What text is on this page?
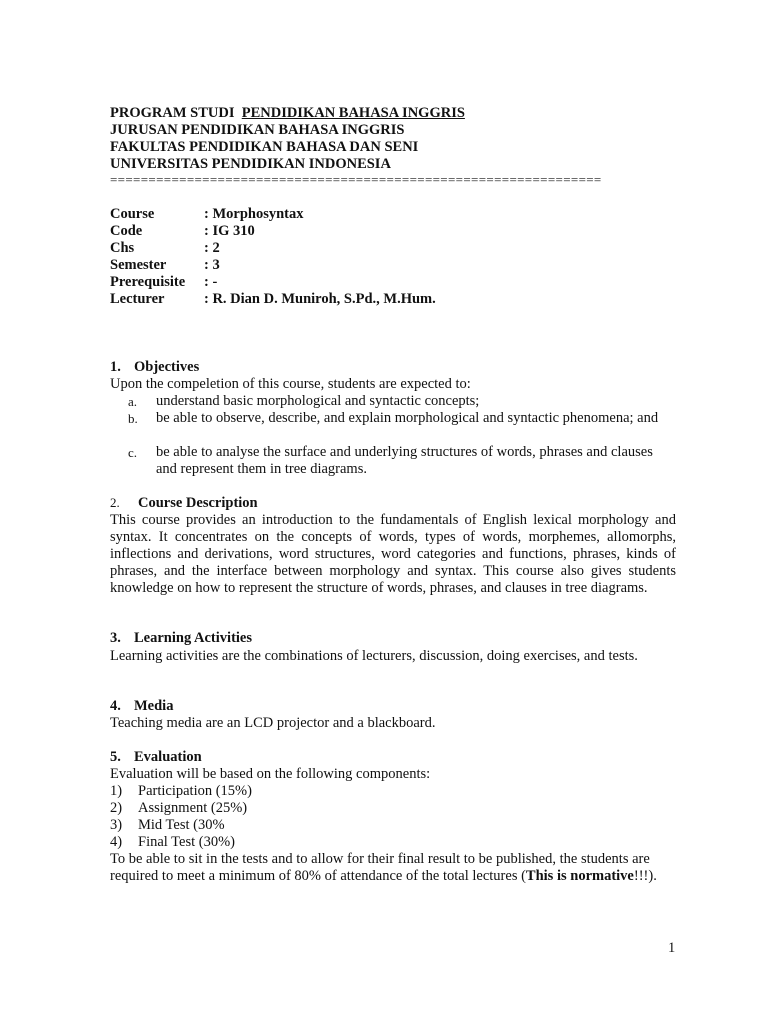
PROGRAM STUDI PENDIDIKAN BAHASA INGGRIS
JURUSAN PENDIDIKAN BAHASA INGGRIS
FAKULTAS PENDIDIKAN BAHASA DAN SENI
UNIVERSITAS PENDIDIKAN INDONESIA
================================================================
Course	: Morphosyntax
Code	: IG 310
Chs	: 2
Semester	: 3
Prerequisite : -
Lecturer	: R. Dian D. Muniroh, S.Pd., M.Hum.
1. Objectives
Upon the compeletion of this course, students are expected to:
a. understand basic morphological and syntactic concepts;
b. be able to observe, describe, and explain morphological and syntactic phenomena; and
c. be able to analyse the surface and underlying structures of words, phrases and clauses and represent them in tree diagrams.
2. Course Description
This course provides an introduction to the fundamentals of English lexical morphology and syntax. It concentrates on the concepts of words, types of words, morphemes, allomorphs, inflections and derivations, word structures, word categories and functions, phrases, kinds of phrases, and the interface between morphology and syntax. This course also gives students knowledge on how to represent the structure of words, phrases, and clauses in tree diagrams.
3. Learning Activities
Learning activities are the combinations of lecturers, discussion, doing exercises, and tests.
4. Media
Teaching media are an LCD projector and a blackboard.
5. Evaluation
Evaluation will be based on the following components:
1) Participation (15%)
2) Assignment (25%)
3) Mid Test (30%
4) Final Test (30%)
To be able to sit in the tests and to allow for their final result to be published, the students are required to meet a minimum of 80% of attendance of the total lectures (This is normative!!!).
1
